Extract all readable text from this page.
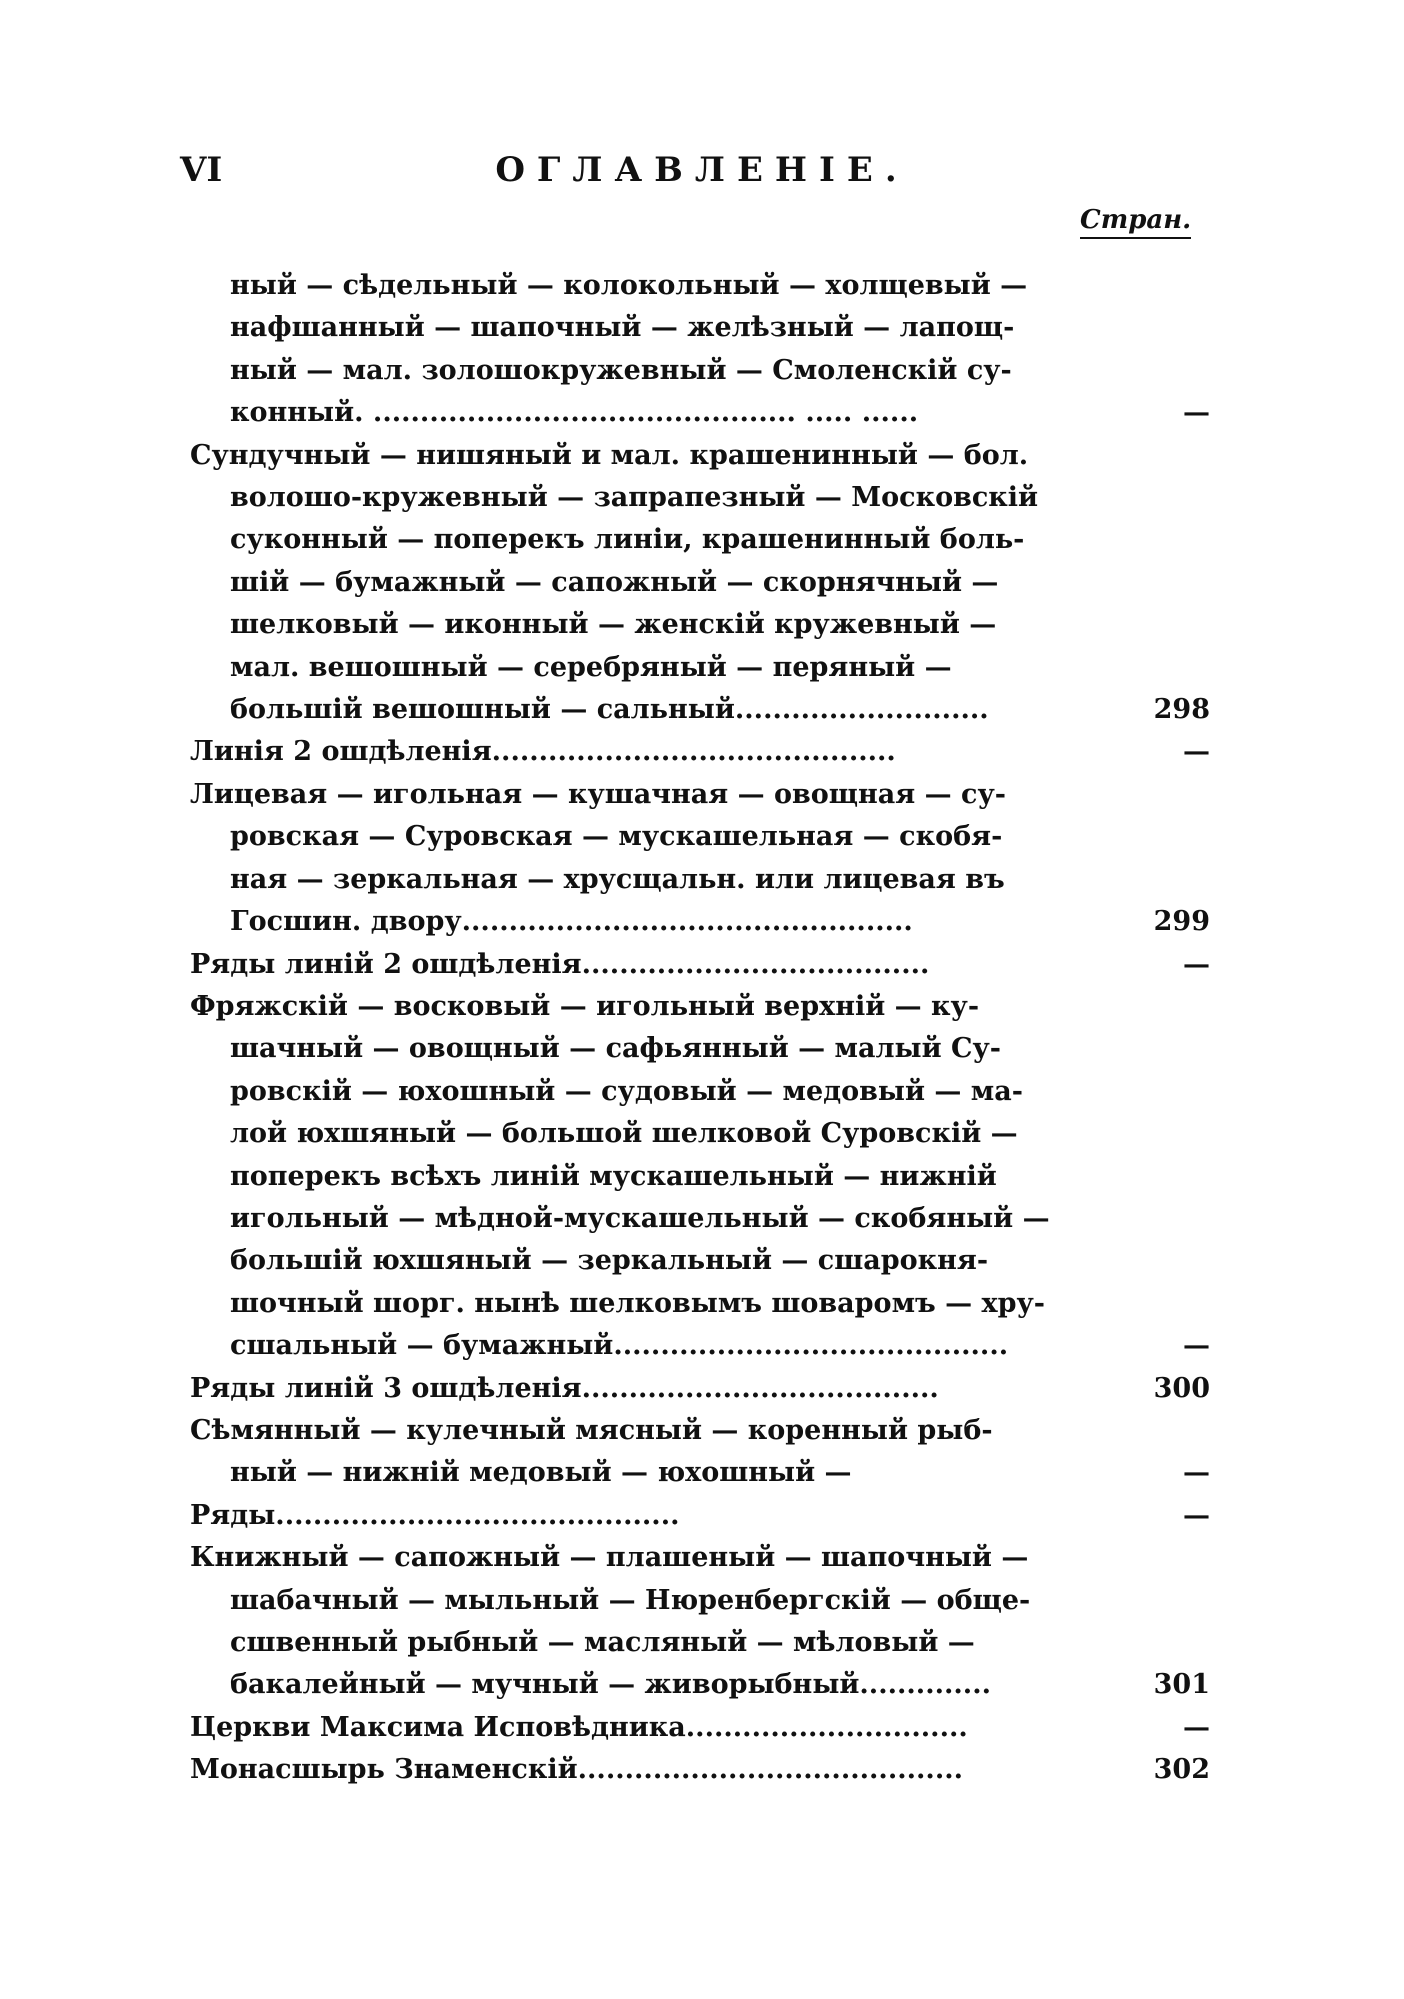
VI	ОГЛАВЛЕНІЕ.
Стран.
ный — сѣдельный — колокольный — холщевый —
нафшанный — шапочный — желѣзный — лапощ-
ный — мал. золошокружевный — Смоленскій су-
конный. ............................................. ..... ......	—
Сундучный — нишяный и мал. крашенинный — бол.
волошо-кружевный — запрапезный — Московскій
суконный — поперекъ линіи, крашенинный боль-
шій — бумажный — сапожный — скорнячный —
шелковый — иконный — женскій кружевный —
мал. вешошный — серебряный — перяный —
большій вешошный — сальный...........................	298
Линія 2 ошдѣленія...........................................	—
Лицевая — игольная — кушачная — овощная — су-
ровская — Суровская — мускашельная — скобя-
ная — зеркальная — хрусщальн. или лицевая въ
Госшин. двору................................................	299
Ряды линій 2 ошдѣленія.....................................	—
Фряжскій — восковый — игольный верхній — ку-
шачный — овощный — сафьянный — малый Су-
ровскій — юхошный — судовый — медовый — ма-
лой юхшяный — большой шелковой Суровскій —
поперекъ всѣхъ линій мускашельный — нижній
игольный — мѣдной-мускашельный — скобяный —
большій юхшяный — зеркальный — сшарокня-
шочный шорг. нынѣ шелковымъ шоваромъ — хру-
сшальный — бумажный..........................................	—
Ряды линій 3 ошдѣленія......................................	300
Сѣмянный — кулечный мясный — коренный рыб-
ный — нижній медовый — юхошный —	—
Ряды...........................................	—
Книжный — сапожный — плашеный — шапочный —
шабачный — мыльный — Нюренбергскій — обще-
сшвенный рыбный — масляный — мѣловый —
бакалейный — мучный — живорыбный..............	301
Церкви Максима Исповѣдника..............................	—
Монасшырь Знаменскій.........................................	302
